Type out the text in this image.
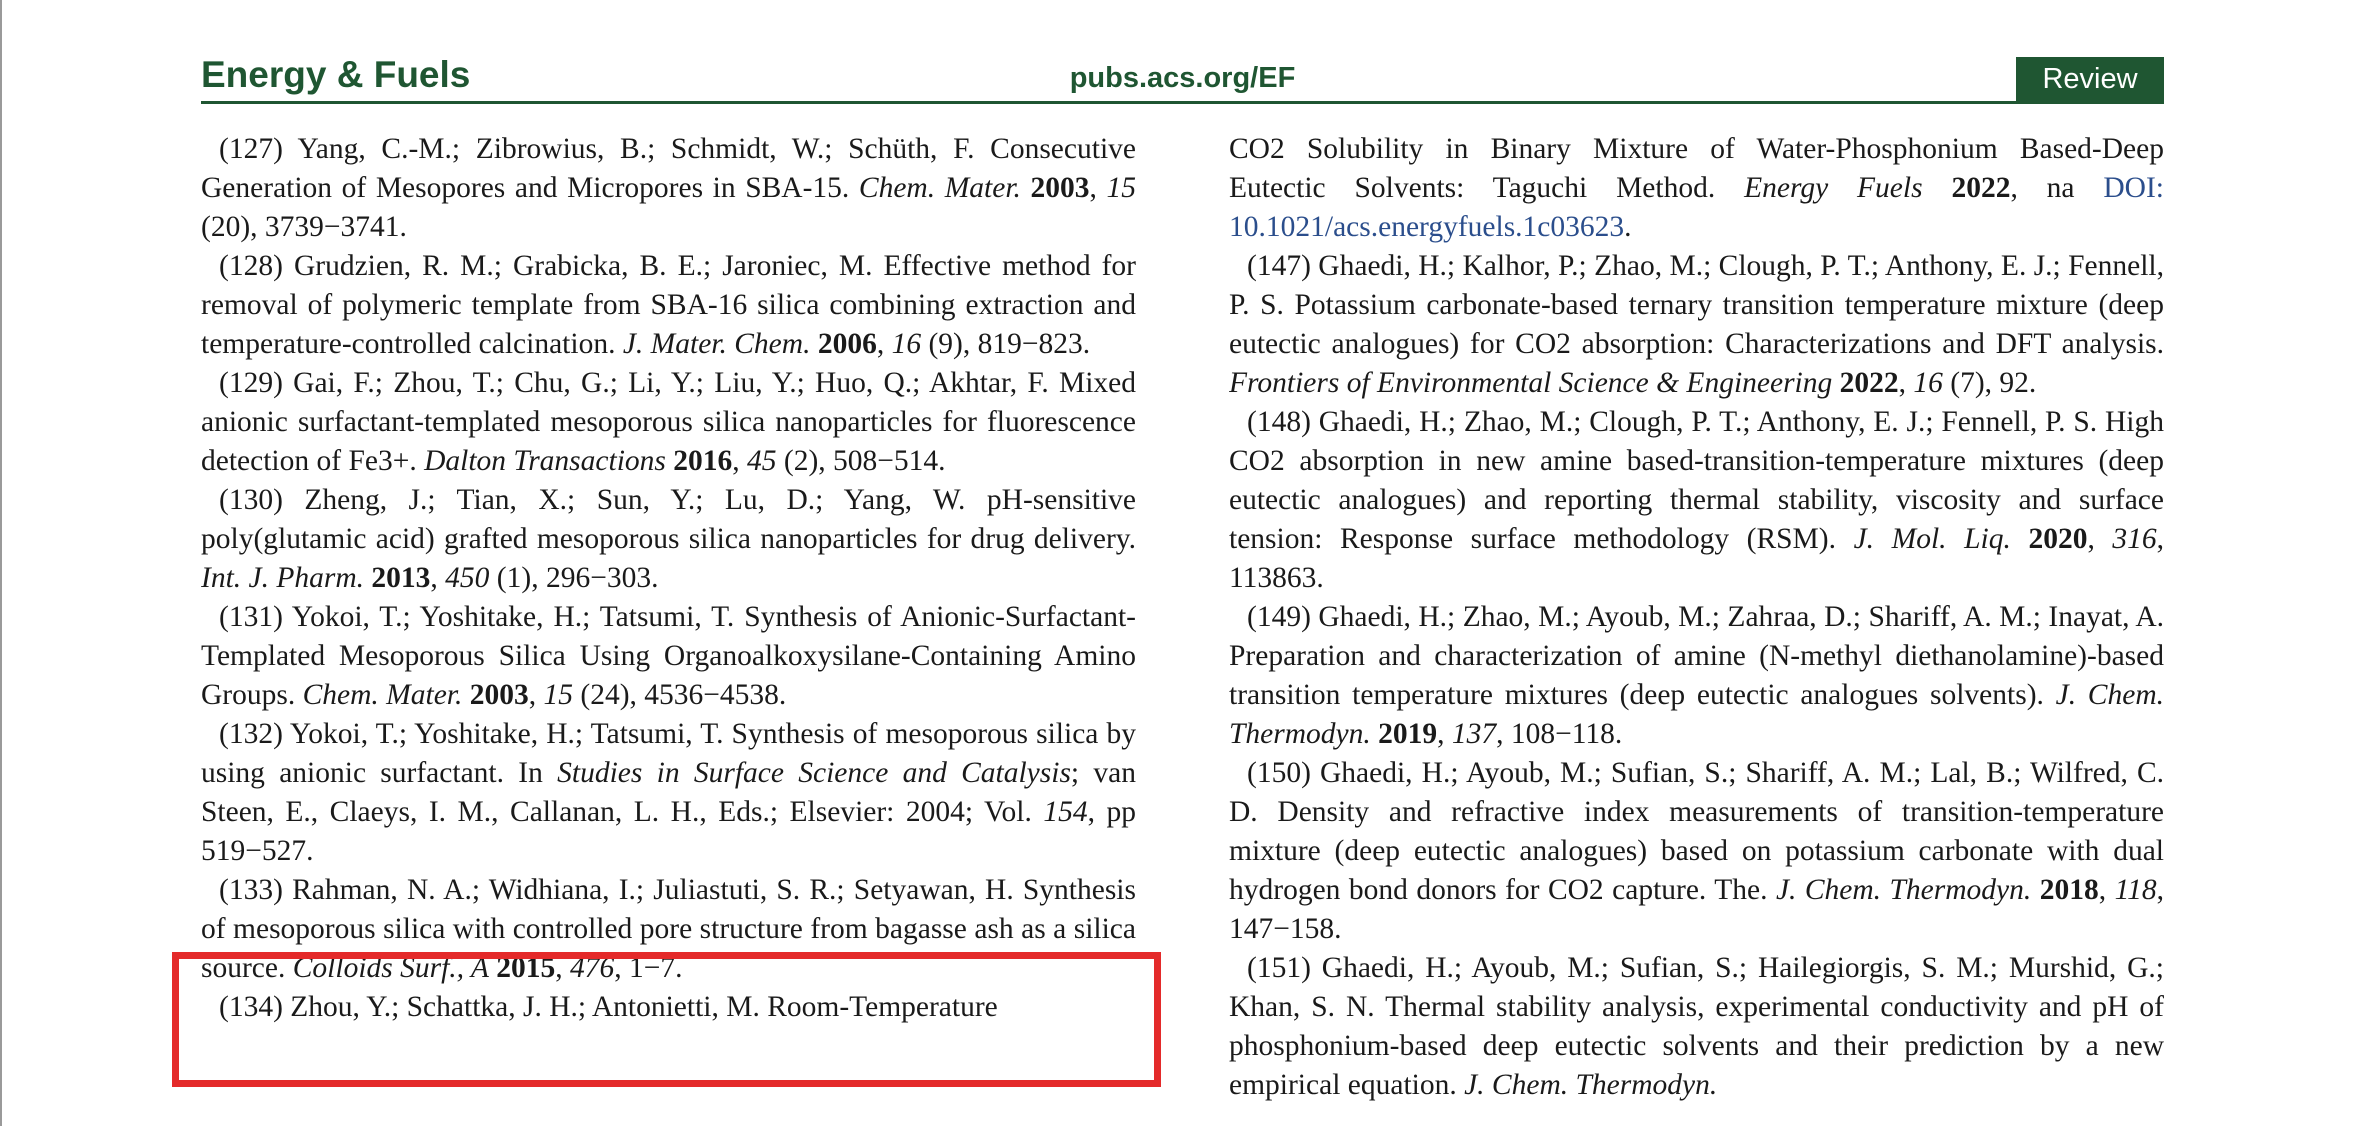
Energy & Fuels	pubs.acs.org/EF	Review

(127) Yang, C.-M.; Zibrowius, B.; Schmidt, W.; Schüth, F. Consecutive Generation of Mesopores and Micropores in SBA-15. Chem. Mater. 2003, 15 (20), 3739−3741.

(128) Grudzien, R. M.; Grabicka, B. E.; Jaroniec, M. Effective method for removal of polymeric template from SBA-16 silica combining extraction and temperature-controlled calcination. J. Mater. Chem. 2006, 16 (9), 819−823.

(129) Gai, F.; Zhou, T.; Chu, G.; Li, Y.; Liu, Y.; Huo, Q.; Akhtar, F. Mixed anionic surfactant-templated mesoporous silica nanoparticles for fluorescence detection of Fe3+. Dalton Transactions 2016, 45 (2), 508−514.

(130) Zheng, J.; Tian, X.; Sun, Y.; Lu, D.; Yang, W. pH-sensitive poly(glutamic acid) grafted mesoporous silica nanoparticles for drug delivery. Int. J. Pharm. 2013, 450 (1), 296−303.

(131) Yokoi, T.; Yoshitake, H.; Tatsumi, T. Synthesis of Anionic-Surfactant-Templated Mesoporous Silica Using Organoalkoxysilane-Containing Amino Groups. Chem. Mater. 2003, 15 (24), 4536−4538.

(132) Yokoi, T.; Yoshitake, H.; Tatsumi, T. Synthesis of mesoporous silica by using anionic surfactant. In Studies in Surface Science and Catalysis; van Steen, E., Claeys, I. M., Callanan, L. H., Eds.; Elsevier: 2004; Vol. 154, pp 519−527.

(133) Rahman, N. A.; Widhiana, I.; Juliastuti, S. R.; Setyawan, H. Synthesis of mesoporous silica with controlled pore structure from bagasse ash as a silica source. Colloids Surf., A 2015, 476, 1−7.

(134) Zhou, Y.; Schattka, J. H.; Antonietti, M. Room-Temperature

CO2 Solubility in Binary Mixture of Water-Phosphonium Based-Deep Eutectic Solvents: Taguchi Method. Energy Fuels 2022, na DOI: 10.1021/acs.energyfuels.1c03623.

(147) Ghaedi, H.; Kalhor, P.; Zhao, M.; Clough, P. T.; Anthony, E. J.; Fennell, P. S. Potassium carbonate-based ternary transition temperature mixture (deep eutectic analogues) for CO2 absorption: Characterizations and DFT analysis. Frontiers of Environmental Science & Engineering 2022, 16 (7), 92.

(148) Ghaedi, H.; Zhao, M.; Clough, P. T.; Anthony, E. J.; Fennell, P. S. High CO2 absorption in new amine based-transition-temperature mixtures (deep eutectic analogues) and reporting thermal stability, viscosity and surface tension: Response surface methodology (RSM). J. Mol. Liq. 2020, 316, 113863.

(149) Ghaedi, H.; Zhao, M.; Ayoub, M.; Zahraa, D.; Shariff, A. M.; Inayat, A. Preparation and characterization of amine (N-methyl diethanolamine)-based transition temperature mixtures (deep eutectic analogues solvents). J. Chem. Thermodyn. 2019, 137, 108−118.

(150) Ghaedi, H.; Ayoub, M.; Sufian, S.; Shariff, A. M.; Lal, B.; Wilfred, C. D. Density and refractive index measurements of transition-temperature mixture (deep eutectic analogues) based on potassium carbonate with dual hydrogen bond donors for CO2 capture. The. J. Chem. Thermodyn. 2018, 118, 147−158.

(151) Ghaedi, H.; Ayoub, M.; Sufian, S.; Hailegiorgis, S. M.; Murshid, G.; Khan, S. N. Thermal stability analysis, experimental conductivity and pH of phosphonium-based deep eutectic solvents and their prediction by a new empirical equation. J. Chem. Thermodyn.
